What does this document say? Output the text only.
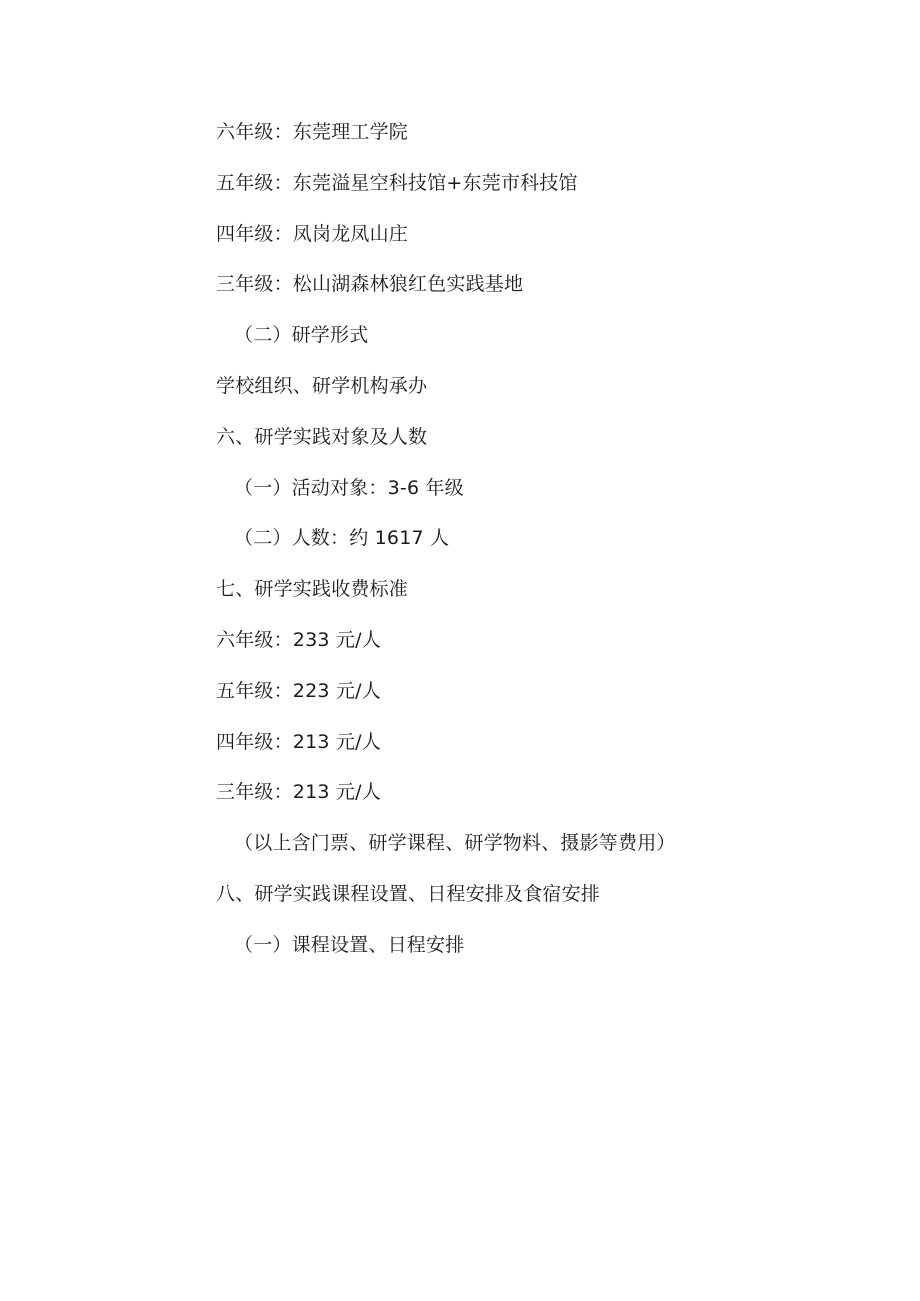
六年级：东莞理工学院
五年级：东莞溢星空科技馆+东莞市科技馆
四年级：凤岗龙凤山庄
三年级：松山湖森林狼红色实践基地
（二）研学形式
学校组织、研学机构承办
六、研学实践对象及人数
（一）活动对象：3-6 年级
（二）人数：约 1617 人
七、研学实践收费标准
六年级：233 元/人
五年级：223 元/人
四年级：213 元/人
三年级：213 元/人
（以上含门票、研学课程、研学物料、摄影等费用）
八、研学实践课程设置、日程安排及食宿安排
（一）课程设置、日程安排
